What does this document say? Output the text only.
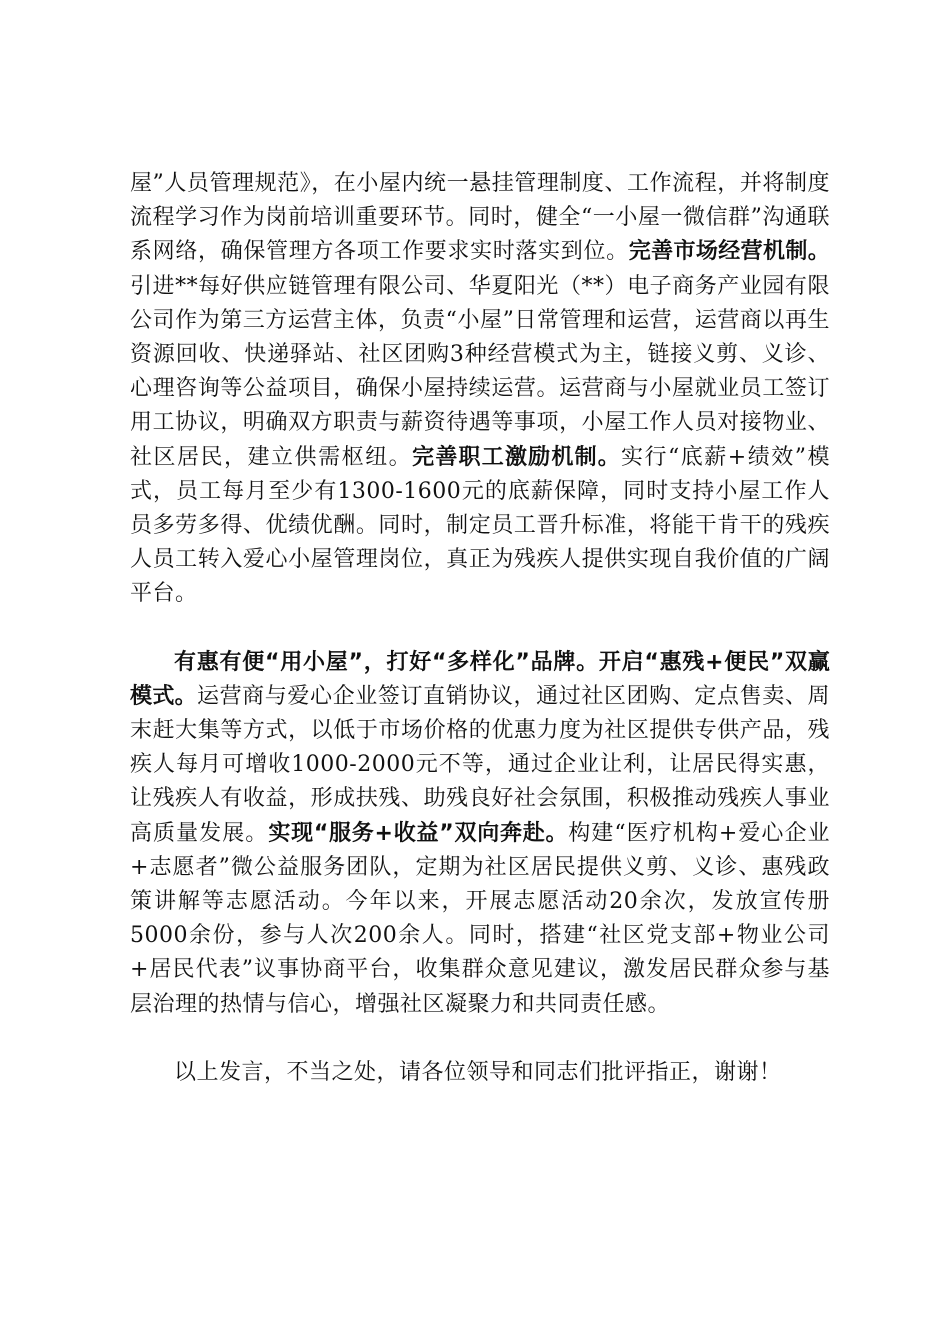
屋”人员管理规范》，在小屋内统一悬挂管理制度、工作流程，并将制度流程学习作为岗前培训重要环节。同时，健全“一小屋一微信群”沟通联系网络，确保管理方各项工作要求实时落实到位。完善市场经营机制。引进**每好供应链管理有限公司、华夏阳光（**）电子商务产业园有限公司作为第三方运营主体，负责“小屋”日常管理和运营，运营商以再生资源回收、快递驿站、社区团购3种经营模式为主，链接义剪、义诊、心理咨询等公益项目，确保小屋持续运营。运营商与小屋就业员工签订用工协议，明确双方职责与薪资待遇等事项，小屋工作人员对接物业、社区居民，建立供需枢纽。完善职工激励机制。实行“底薪+绩效”模式，员工每月至少有1300-1600元的底薪保障，同时支持小屋工作人员多劳多得、优绩优酬。同时，制定员工晋升标准，将能干肯干的残疾人员工转入爱心小屋管理岗位，真正为残疾人提供实现自我价值的广阔平台。

有惠有便“用小屋”，打好“多样化”品牌。开启“惠残+便民”双赢模式。运营商与爱心企业签订直销协议，通过社区团购、定点售卖、周末赶大集等方式，以低于市场价格的优惠力度为社区提供专供产品，残疾人每月可增收1000-2000元不等，通过企业让利，让居民得实惠，让残疾人有收益，形成扶残、助残良好社会氛围，积极推动残疾人事业高质量发展。实现“服务+收益”双向奔赴。构建“医疗机构+爱心企业+志愿者”微公益服务团队，定期为社区居民提供义剪、义诊、惠残政策讲解等志愿活动。今年以来，开展志愿活动20余次，发放宣传册5000余份，参与人次200余人。同时，搭建“社区党支部+物业公司+居民代表”议事协商平台，收集群众意见建议，激发居民群众参与基层治理的热情与信心，增强社区凝聚力和共同责任感。

以上发言，不当之处，请各位领导和同志们批评指正，谢谢！
